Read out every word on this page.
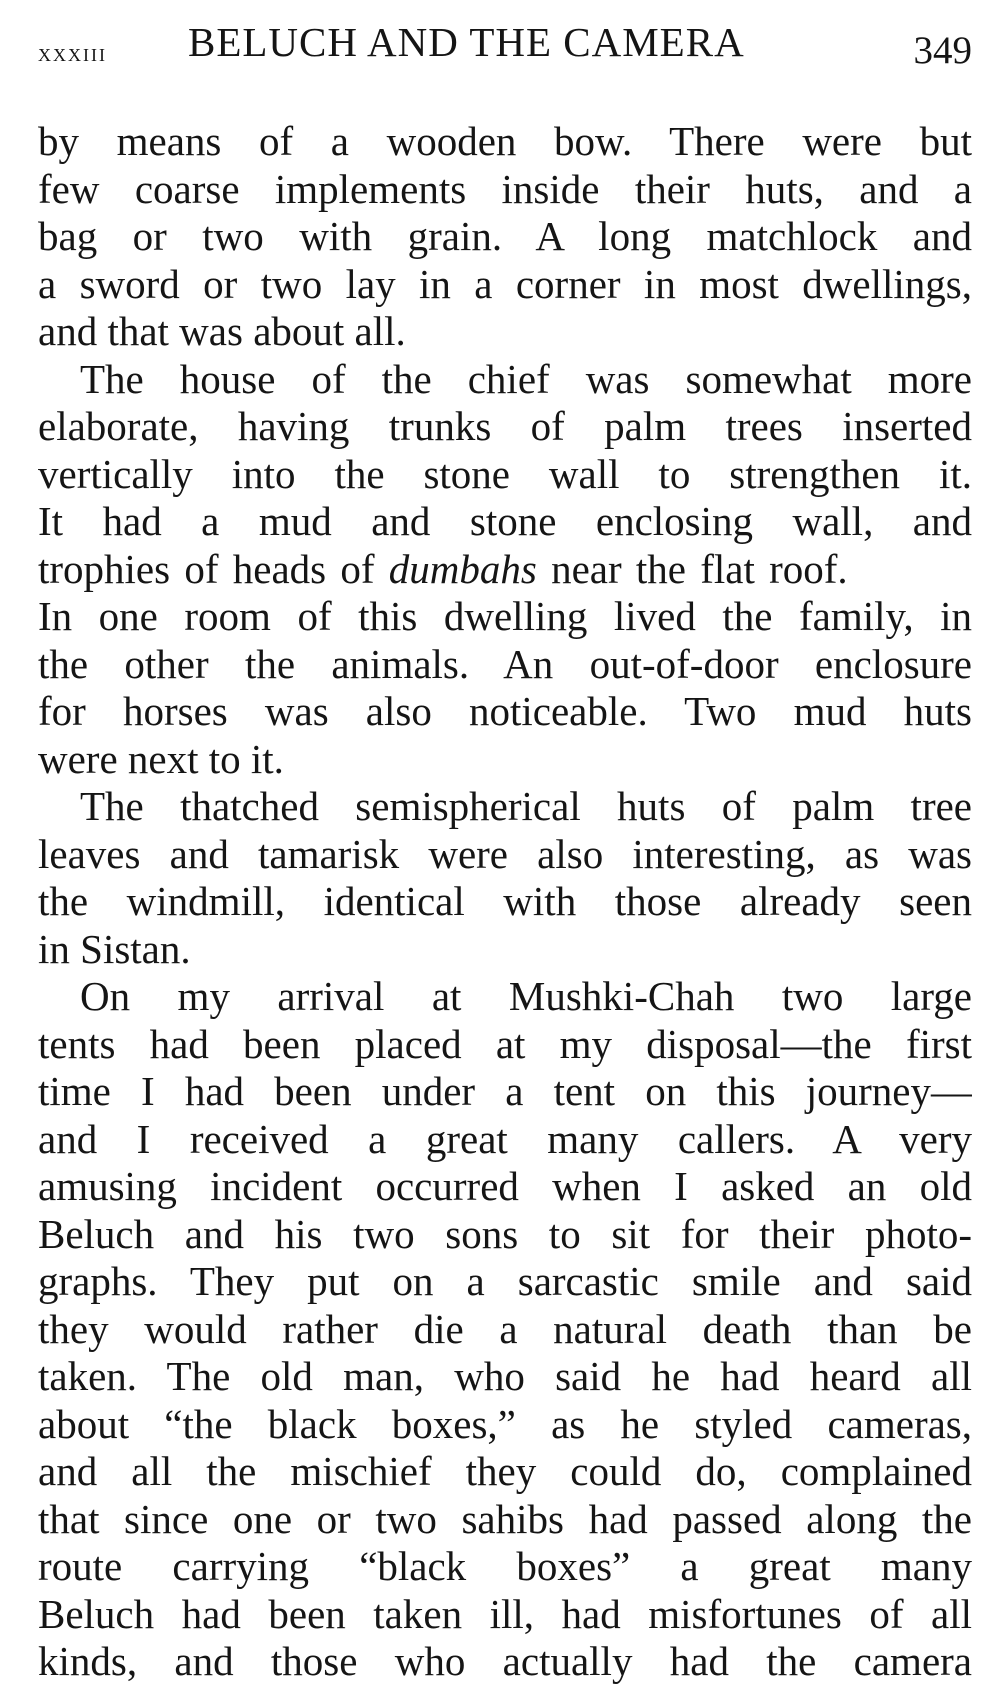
xxxiii BELUCH AND THE CAMERA	349

by means of a wooden bow. There were but
few coarse implements inside their huts, and a
bag or two with grain. A long matchlock and
a sword or two lay in a corner in most dwellings,
and that was about all.

The house of the chief was somewhat more
elaborate, having trunks of palm trees inserted
vertically into the stone wall to strengthen it.
It had a mud and stone enclosing wall, and
trophies of heads of dumbahs near the flat roof.
In one room of this dwelling lived the family, in
the other the animals. An out-of-door enclosure
for horses was also noticeable. Two mud huts
were next to it.

The thatched semispherical huts of palm tree
leaves and tamarisk were also interesting, as was
the windmill, identical with those already seen
in Sistan.

On my arrival at Mushki-Chah two large
tents had been placed at my disposal—the first
time I had been under a tent on this journey—
and I received a great many callers. A very
amusing incident occurred when I asked an old
Beluch and his two sons to sit for their photo-
graphs. They put on a sarcastic smile and said
they would rather die a natural death than be
taken. The old man, who said he had heard all
about “the black boxes,” as he styled cameras,
and all the mischief they could do, complained
that since one or two sahibs had passed along the
route carrying “black boxes” a great many
Beluch had been taken ill, had misfortunes of all
kinds, and those who actually had the camera
